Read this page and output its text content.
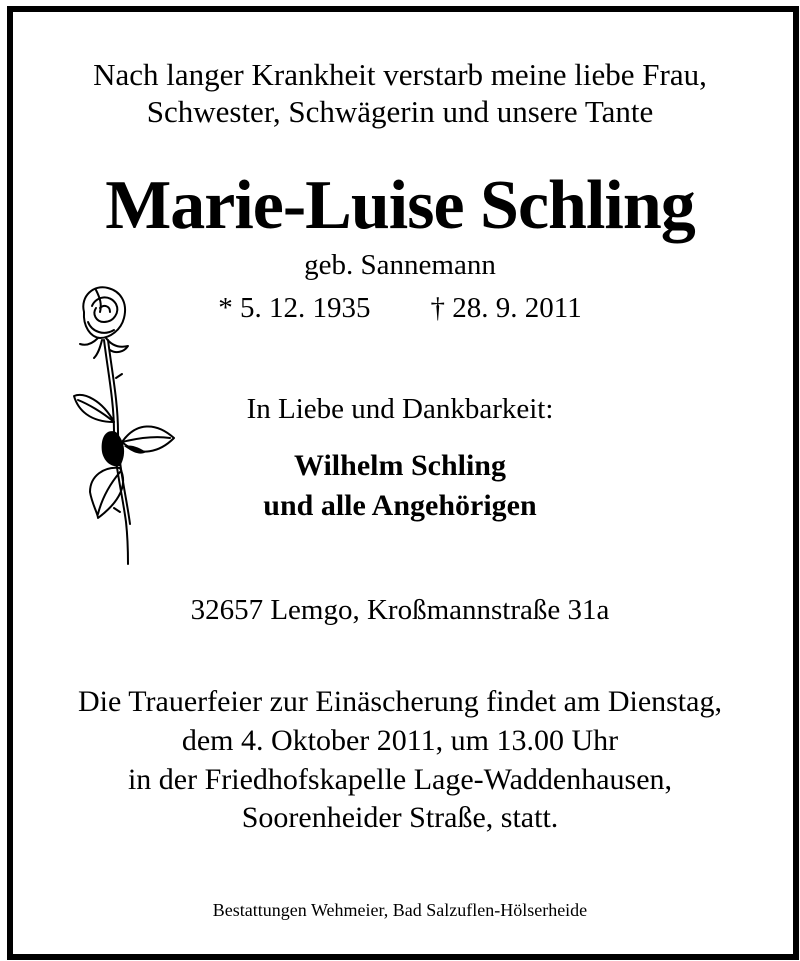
Nach langer Krankheit verstarb meine liebe Frau,
Schwester, Schwägerin und unsere Tante
Marie-Luise Schling
geb. Sannemann
* 5. 12. 1935 † 28. 9. 2011
In Liebe und Dankbarkeit:
Wilhelm Schling
und alle Angehörigen
32657 Lemgo, Kroßmannstraße 31a
Die Trauerfeier zur Einäscherung findet am Dienstag,
dem 4. Oktober 2011, um 13.00 Uhr
in der Friedhofskapelle Lage-Waddenhausen,
Soorenheider Straße, statt.
Bestattungen Wehmeier, Bad Salzuflen-Hölserheide
